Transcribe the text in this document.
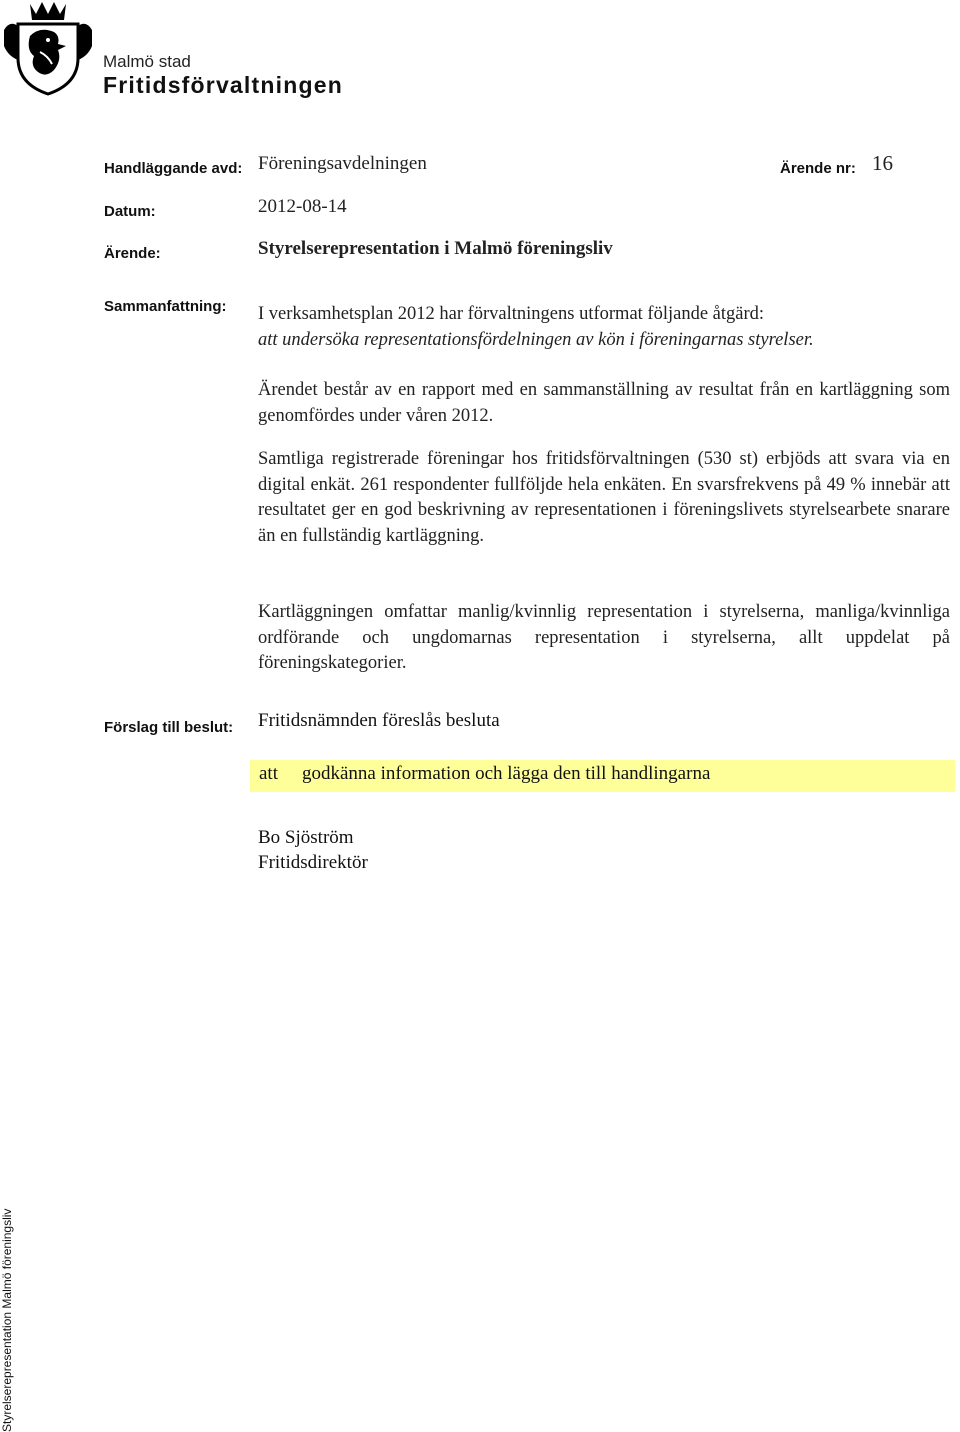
Malmö stad
Fritidsförvaltningen
Handläggande avd: Föreningsavdelningen	Ärende nr: 16
Datum:	2012-08-14
Ärende:	Styrelserepresentation i Malmö föreningsliv
Sammanfattning: I verksamhetsplan 2012 har förvaltningens utformat följande åtgärd:
att undersöka representationsfördelningen av kön i föreningarnas styrelser.

Ärendet består av en rapport med en sammanställning av resultat från en kartläggning som genomfördes under våren 2012.

Samtliga registrerade föreningar hos fritidsförvaltningen (530 st) erbjöds att svara via en digital enkät. 261 respondenter fullföljde hela enkäten. En svarsfrekvens på 49 % innebär att resultatet ger en god beskrivning av representationen i föreningslivets styrelsearbete snarare än en fullständig kartläggning.

Kartläggningen omfattar manlig/kvinnlig representation i styrelserna, manliga/kvinnliga ordförande och ungdomarnas representation i styrelserna, allt uppdelat på föreningskategorier.

Förslag till beslut: Fritidsnämnden föreslås besluta
att godkänna information och lägga den till handlingarna
Bo Sjöström
Fritidsdirektör
Styrelserepresentation Malmö föreningsliv
